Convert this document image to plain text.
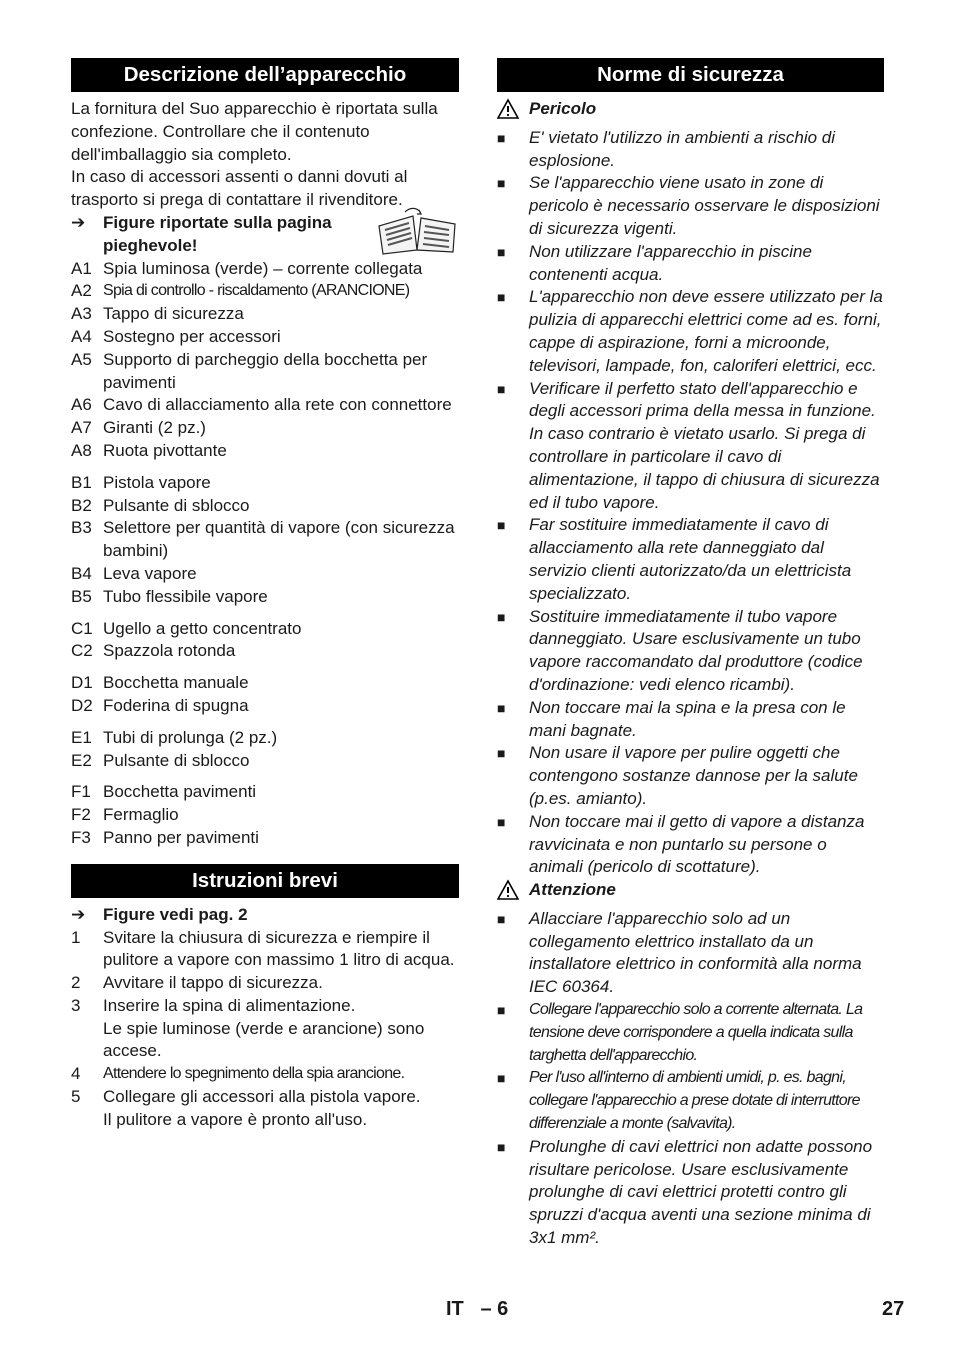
Descrizione dell’apparecchio

La fornitura del Suo apparecchio è riportata sulla confezione. Controllare che il contenuto dell'imballaggio sia completo.

In caso di accessori assenti o danni dovuti al trasporto si prega di contattare il rivenditore.

➔	Figure riportate sulla pagina pieghevole!
A1 Spia luminosa (verde) – corrente collegata
A2 Spia di controllo - riscaldamento (ARANCIONE)
A3 Tappo di sicurezza
A4 Sostegno per accessori
A5 Supporto di parcheggio della bocchetta per pavimenti
A6 Cavo di allacciamento alla rete con connettore
A7 Giranti (2 pz.)
A8 Ruota pivottante
B1 Pistola vapore
B2 Pulsante di sblocco
B3 Selettore per quantità di vapore (con sicurezza bambini)
B4 Leva vapore
B5 Tubo flessibile vapore
C1 Ugello a getto concentrato
C2 Spazzola rotonda
D1 Bocchetta manuale
D2 Foderina di spugna
E1 Tubi di prolunga (2 pz.)
E2 Pulsante di sblocco
F1 Bocchetta pavimenti
F2 Fermaglio
F3 Panno per pavimenti
Istruzioni brevi
➔	Figure vedi pag. 2
1	Svitare la chiusura di sicurezza e riempire il pulitore a vapore con massimo 1 litro di acqua.
2	Avvitare il tappo di sicurezza.
3	Inserire la spina di alimentazione.
Le spie luminose (verde e arancione) sono accese.
4	Attendere lo spegnimento della spia arancione.
5	Collegare gli accessori alla pistola vapore.
Il pulitore a vapore è pronto all'uso.
Norme di sicurezza
Pericolo
■	E' vietato l'utilizzo in ambienti a rischio di esplosione.
■	Se l'apparecchio viene usato in zone di pericolo è necessario osservare le disposizioni di sicurezza vigenti.
■	Non utilizzare l'apparecchio in piscine contenenti acqua.
■	L'apparecchio non deve essere utilizzato per la pulizia di apparecchi elettrici come ad es. forni, cappe di aspirazione, forni a microonde, televisori, lampade, fon, caloriferi elettrici, ecc.
■	Verificare il perfetto stato dell'apparecchio e degli accessori prima della messa in funzione. In caso contrario è vietato usarlo. Si prega di controllare in particolare il cavo di alimentazione, il tappo di chiusura di sicurezza ed il tubo vapore.
■	Far sostituire immediatamente il cavo di allacciamento alla rete danneggiato dal servizio clienti autorizzato/da un elettricista specializzato.
■	Sostituire immediatamente il tubo vapore danneggiato. Usare esclusivamente un tubo vapore raccomandato dal produttore (codice d'ordinazione: vedi elenco ricambi).
■	Non toccare mai la spina e la presa con le mani bagnate.
■	Non usare il vapore per pulire oggetti che contengono sostanze dannose per la salute (p.es. amianto).
■	Non toccare mai il getto di vapore a distanza ravvicinata e non puntarlo su persone o animali (pericolo di scottature).
Attenzione
■	Allacciare l'apparecchio solo ad un collegamento elettrico installato da un installatore elettrico in conformità alla norma IEC 60364.
■	Collegare l'apparecchio solo a corrente alternata. La tensione deve corrispondere a quella indicata sulla targhetta dell'apparecchio.
■	Per l'uso all'interno di ambienti umidi, p. es. bagni, collegare l'apparecchio a prese dotate di interruttore differenziale a monte (salvavita).
■	Prolunghe di cavi elettrici non adatte possono risultare pericolose. Usare esclusivamente prolunghe di cavi elettrici protetti contro gli spruzzi d'acqua aventi una sezione minima di 3x1 mm².
IT   – 6	27
